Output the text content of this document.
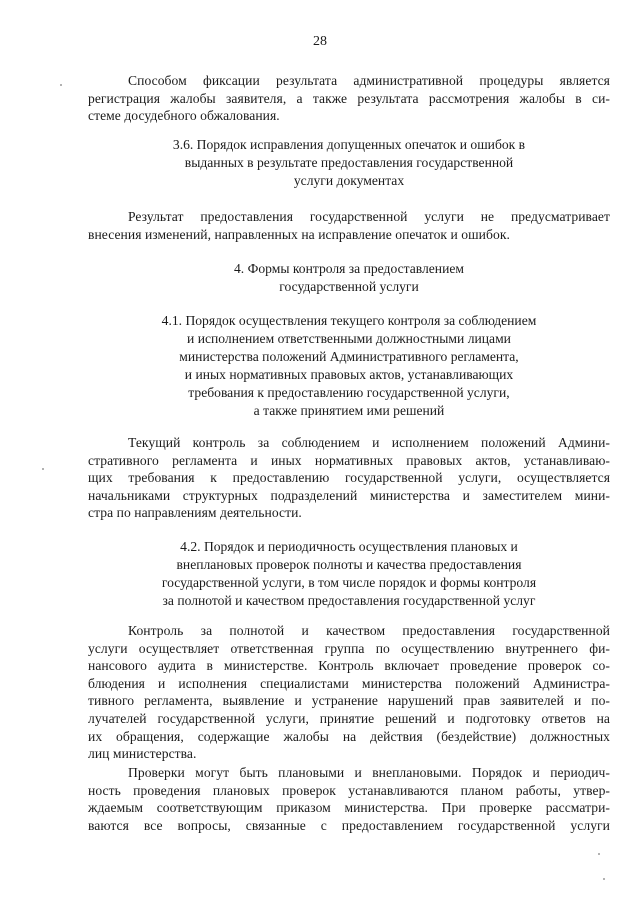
28
Способом фиксации результата административной процедуры является
регистрация жалобы заявителя, а также результата рассмотрения жалобы в си-
стеме досудебного обжалования.
3.6. Порядок исправления допущенных опечаток и ошибок в
выданных в результате предоставления государственной
услуги документах
Результат предоставления государственной услуги не предусматривает
внесения изменений, направленных на исправление опечаток и ошибок.
4. Формы контроля за предоставлением
государственной услуги
4.1. Порядок осуществления текущего контроля за соблюдением
и исполнением ответственными должностными лицами
министерства положений Административного регламента,
и иных нормативных правовых актов, устанавливающих
требования к предоставлению государственной услуги,
а также принятием ими решений
Текущий контроль за соблюдением и исполнением положений Админи-
стративного регламента и иных нормативных правовых актов, устанавливаю-
щих требования к предоставлению государственной услуги, осуществляется
начальниками структурных подразделений министерства и заместителем мини-
стра по направлениям деятельности.
4.2. Порядок и периодичность осуществления плановых и
внеплановых проверок полноты и качества предоставления
государственной услуги, в том числе порядок и формы контроля
за полнотой и качеством предоставления государственной услуг
Контроль за полнотой и качеством предоставления государственной
услуги осуществляет ответственная группа по осуществлению внутреннего фи-
нансового аудита в министерстве. Контроль включает проведение проверок со-
блюдения и исполнения специалистами министерства положений Администра-
тивного регламента, выявление и устранение нарушений прав заявителей и по-
лучателей государственной услуги, принятие решений и подготовку ответов на
их обращения, содержащие жалобы на действия (бездействие) должностных
лиц министерства.
Проверки могут быть плановыми и внеплановыми. Порядок и периодич-
ность проведения плановых проверок устанавливаются планом работы, утвер-
ждаемым соответствующим приказом министерства. При проверке рассматри-
ваются все вопросы, связанные с предоставлением государственной услуги
